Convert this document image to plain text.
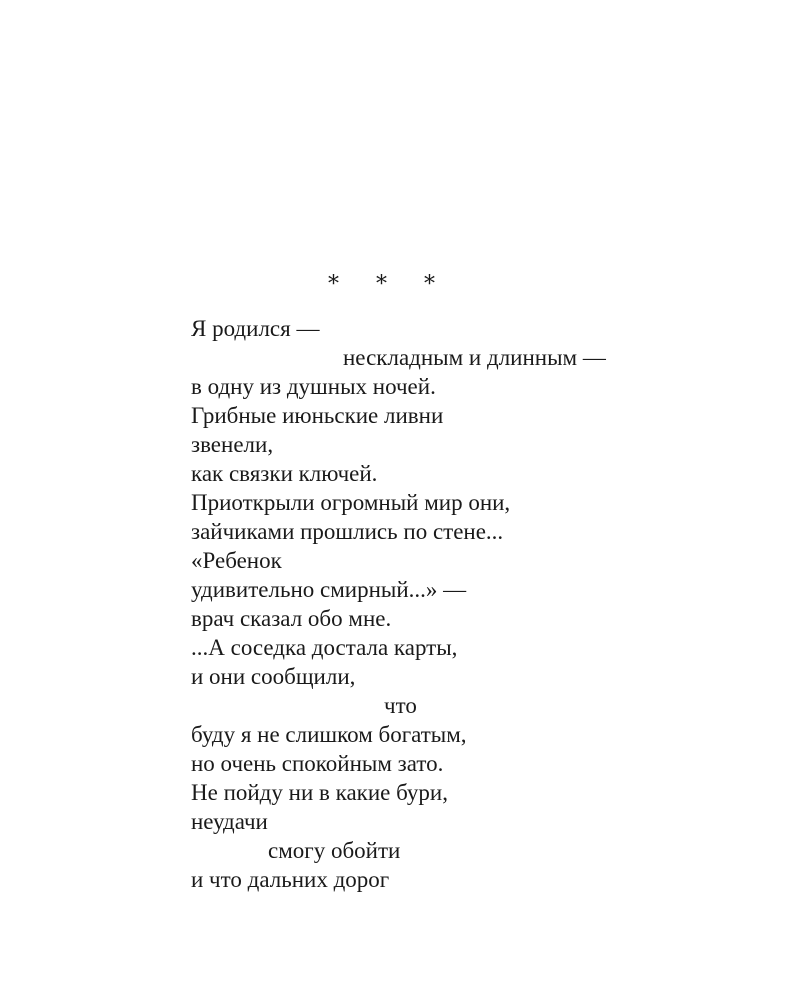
* * *
Я родился —
нескладным и длинным —
в одну из душных ночей.
Грибные июньские ливни
звенели,
как связки ключей.
Приоткрыли огромный мир они,
зайчиками прошлись по стене...
«Ребенок
удивительно смирный...» —
врач сказал обо мне.
...А соседка достала карты,
и они сообщили,
что
буду я не слишком богатым,
но очень спокойным зато.
Не пойду ни в какие бури,
неудачи
смогу обойти
и что дальних дорог
